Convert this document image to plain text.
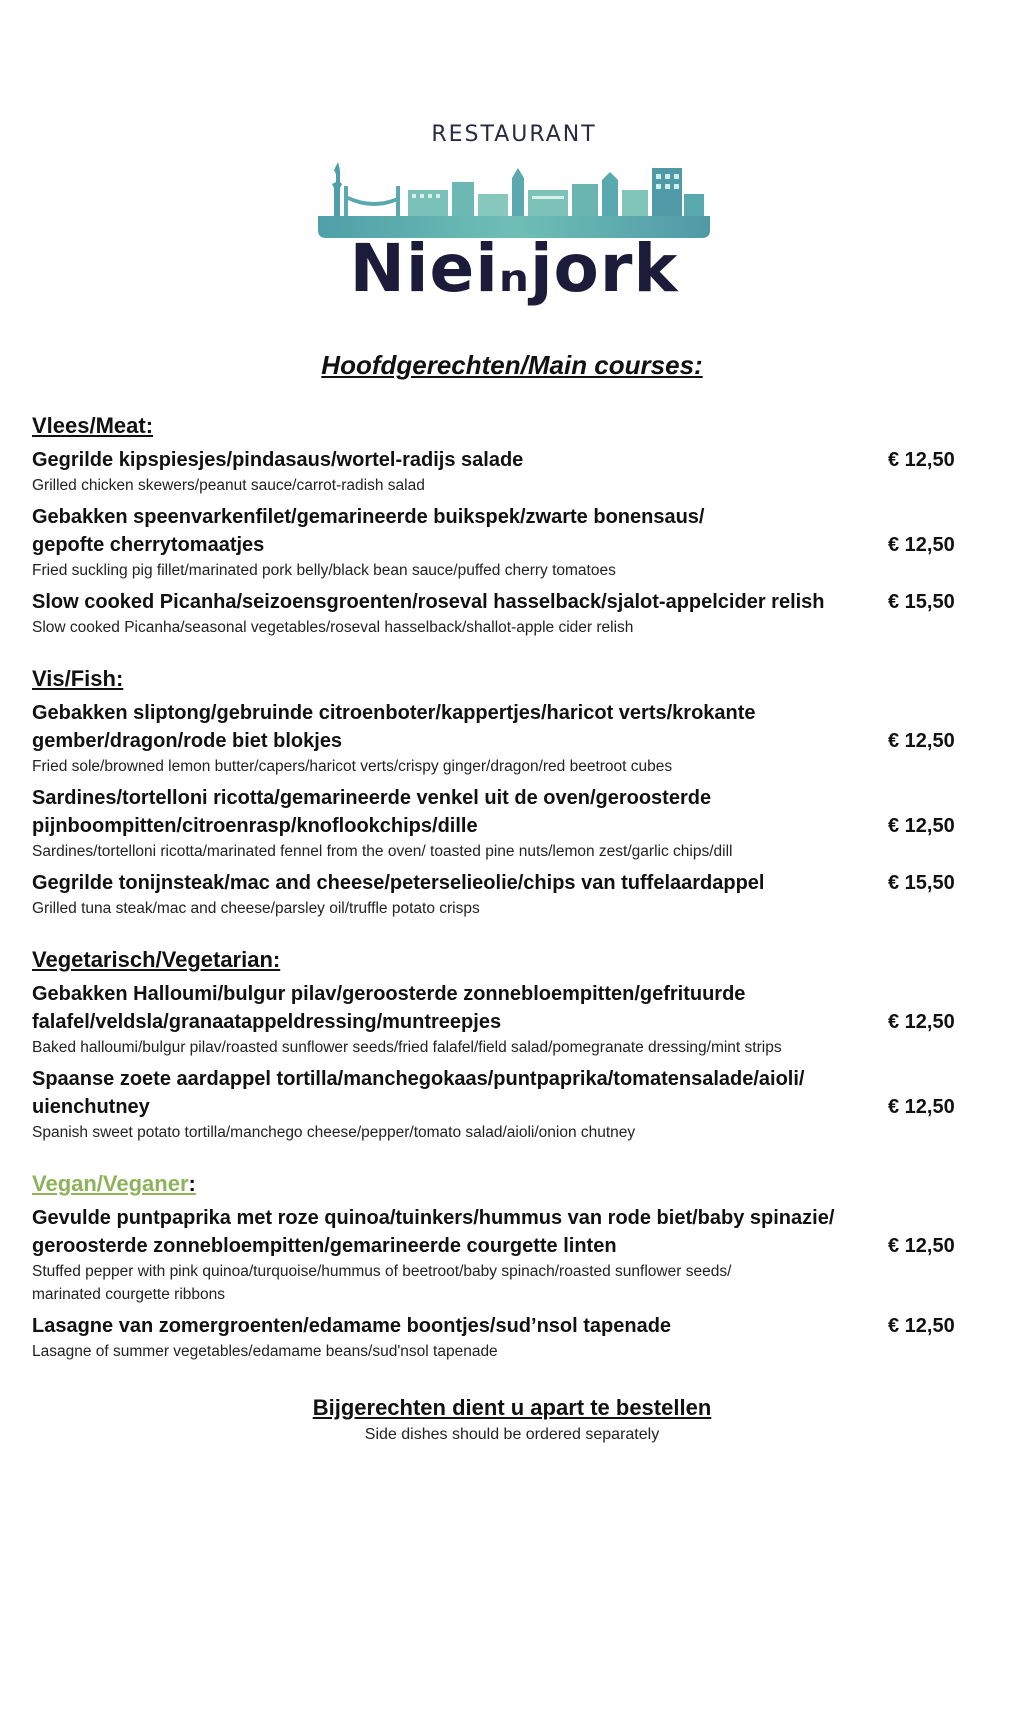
RESTAURANT
Nieiₙjork
Hoofdgerechten/Main courses:
Vlees/Meat:
Gegrilde kipspiesjes/pindasaus/wortel-radijs salade	€ 12,50
Grilled chicken skewers/peanut sauce/carrot-radish salad
Gebakken speenvarkenfilet/gemarineerde buikspek/zwarte bonensaus/
gepofte cherrytomaatjes	€ 12,50
Fried suckling pig fillet/marinated pork belly/black bean sauce/puffed cherry tomatoes
Slow cooked Picanha/seizoensgroenten/roseval hasselback/sjalot-appelcider relish	€ 15,50
Slow cooked Picanha/seasonal vegetables/roseval hasselback/shallot-apple cider relish
Vis/Fish:
Gebakken sliptong/gebruinde citroenboter/kappertjes/haricot verts/krokante
gember/dragon/rode biet blokjes	€ 12,50
Fried sole/browned lemon butter/capers/haricot verts/crispy ginger/dragon/red beetroot cubes
Sardines/tortelloni ricotta/gemarineerde venkel uit de oven/geroosterde
pijnboompitten/citroenrasp/knoflookchips/dille	€ 12,50
Sardines/tortelloni ricotta/marinated fennel from the oven/ toasted pine nuts/lemon zest/garlic chips/dill
Gegrilde tonijnsteak/mac and cheese/peterselieolie/chips van tuffelaardappel	€ 15,50
Grilled tuna steak/mac and cheese/parsley oil/truffle potato crisps
Vegetarisch/Vegetarian:
Gebakken Halloumi/bulgur pilav/geroosterde zonnebloempitten/gefrituurde
falafel/veldsla/granaatappeldressing/muntreepjes	€ 12,50
Baked halloumi/bulgur pilav/roasted sunflower seeds/fried falafel/field salad/pomegranate dressing/mint strips
Spaanse zoete aardappel tortilla/manchegokaas/puntpaprika/tomatensalade/aioli/
uienchutney	€ 12,50
Spanish sweet potato tortilla/manchego cheese/pepper/tomato salad/aioli/onion chutney
Vegan/Veganer:
Gevulde puntpaprika met roze quinoa/tuinkers/hummus van rode biet/baby spinazie/
geroosterde zonnebloempitten/gemarineerde courgette linten	€ 12,50
Stuffed pepper with pink quinoa/turquoise/hummus of beetroot/baby spinach/roasted sunflower seeds/
marinated courgette ribbons
Lasagne van zomergroenten/edamame boontjes/sud’nsol tapenade	€ 12,50
Lasagne of summer vegetables/edamame beans/sud'nsol tapenade
Bijgerechten dient u apart te bestellen
Side dishes should be ordered separately
